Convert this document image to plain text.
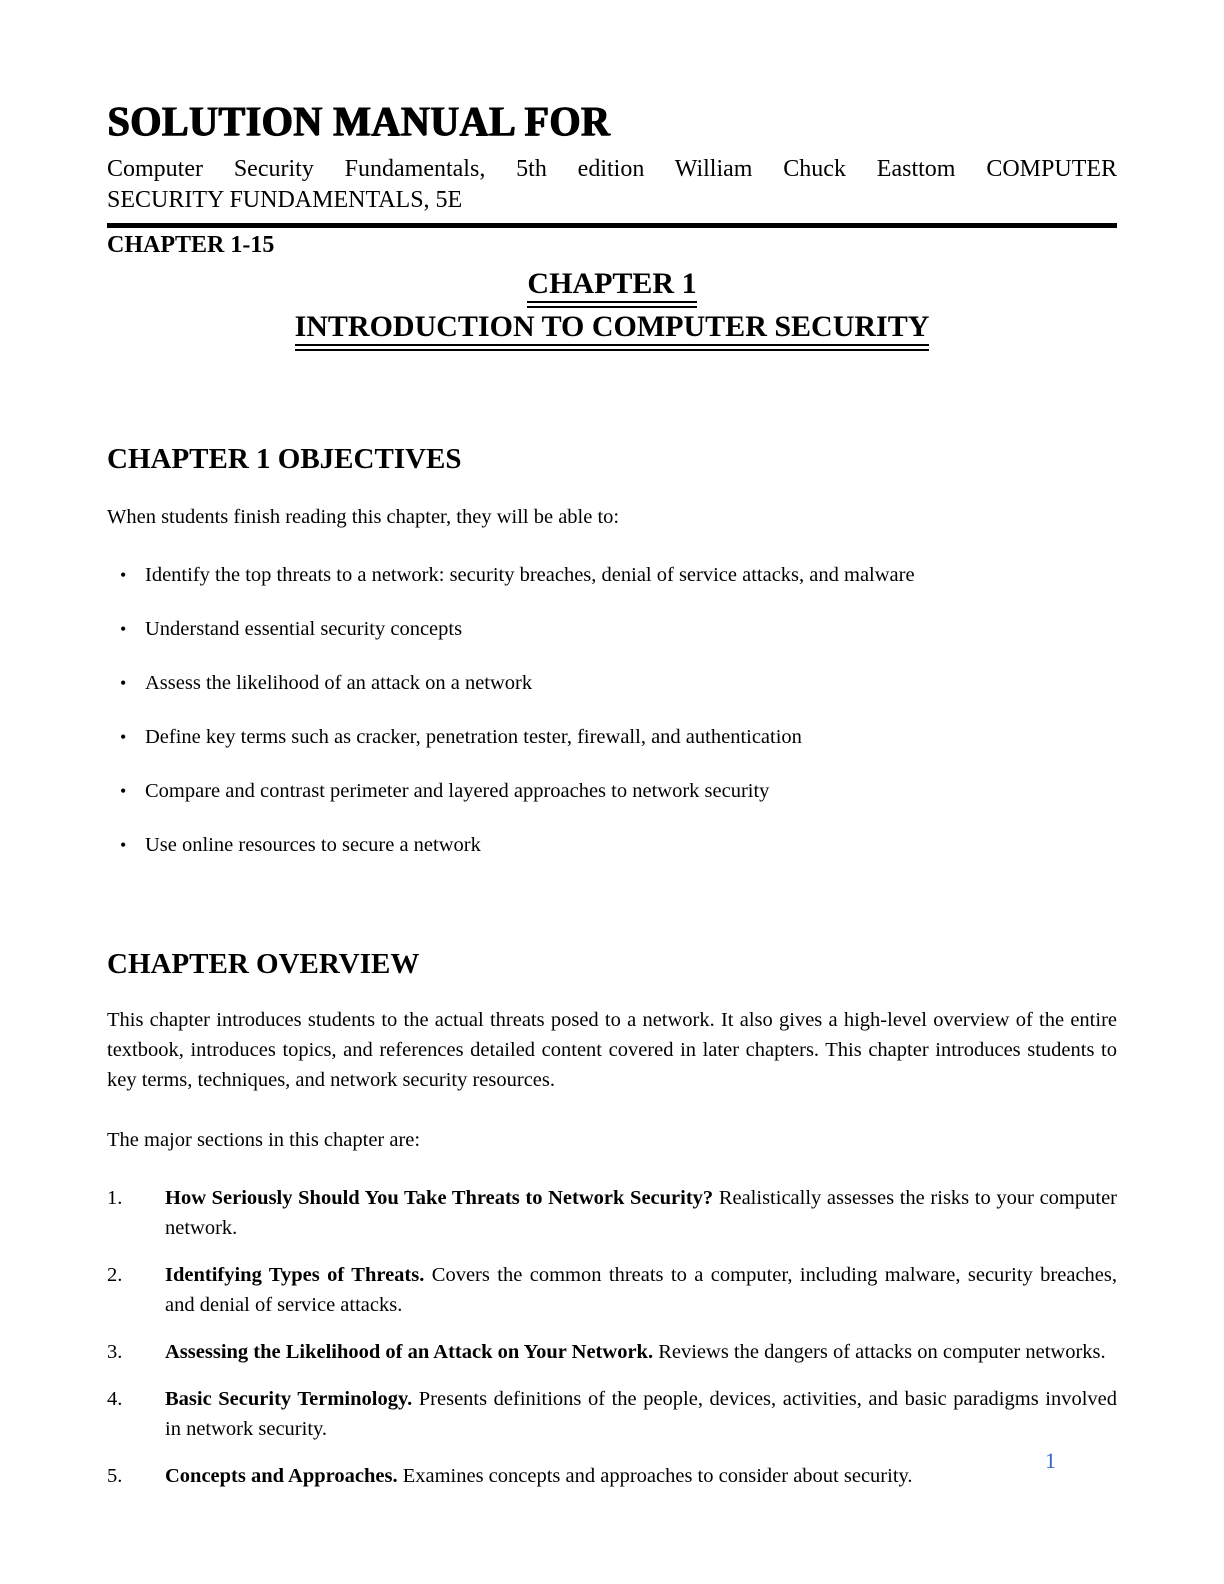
SOLUTION MANUAL FOR
Computer Security Fundamentals, 5th edition William Chuck Easttom COMPUTER
SECURITY FUNDAMENTALS, 5E

CHAPTER 1-15

CHAPTER 1
INTRODUCTION TO COMPUTER SECURITY
CHAPTER 1 OBJECTIVES

When students finish reading this chapter, they will be able to:

• Identify the top threats to a network: security breaches, denial of service attacks, and malware
• Understand essential security concepts
• Assess the likelihood of an attack on a network
• Define key terms such as cracker, penetration tester, firewall, and authentication
• Compare and contrast perimeter and layered approaches to network security
• Use online resources to secure a network
CHAPTER OVERVIEW

This chapter introduces students to the actual threats posed to a network. It also gives a high-level overview of the entire textbook, introduces topics, and references detailed content covered in later chapters. This chapter introduces students to key terms, techniques, and network security resources.

The major sections in this chapter are:

1.	How Seriously Should You Take Threats to Network Security? Realistically assesses the risks to your computer network.

2.	Identifying Types of Threats. Covers the common threats to a computer, including malware, security breaches, and denial of service attacks.

3.	Assessing the Likelihood of an Attack on Your Network. Reviews the dangers of attacks on computer networks.

4.	Basic Security Terminology. Presents definitions of the people, devices, activities, and basic paradigms involved in network security.

5.	Concepts and Approaches. Examines concepts and approaches to consider about security.

1
